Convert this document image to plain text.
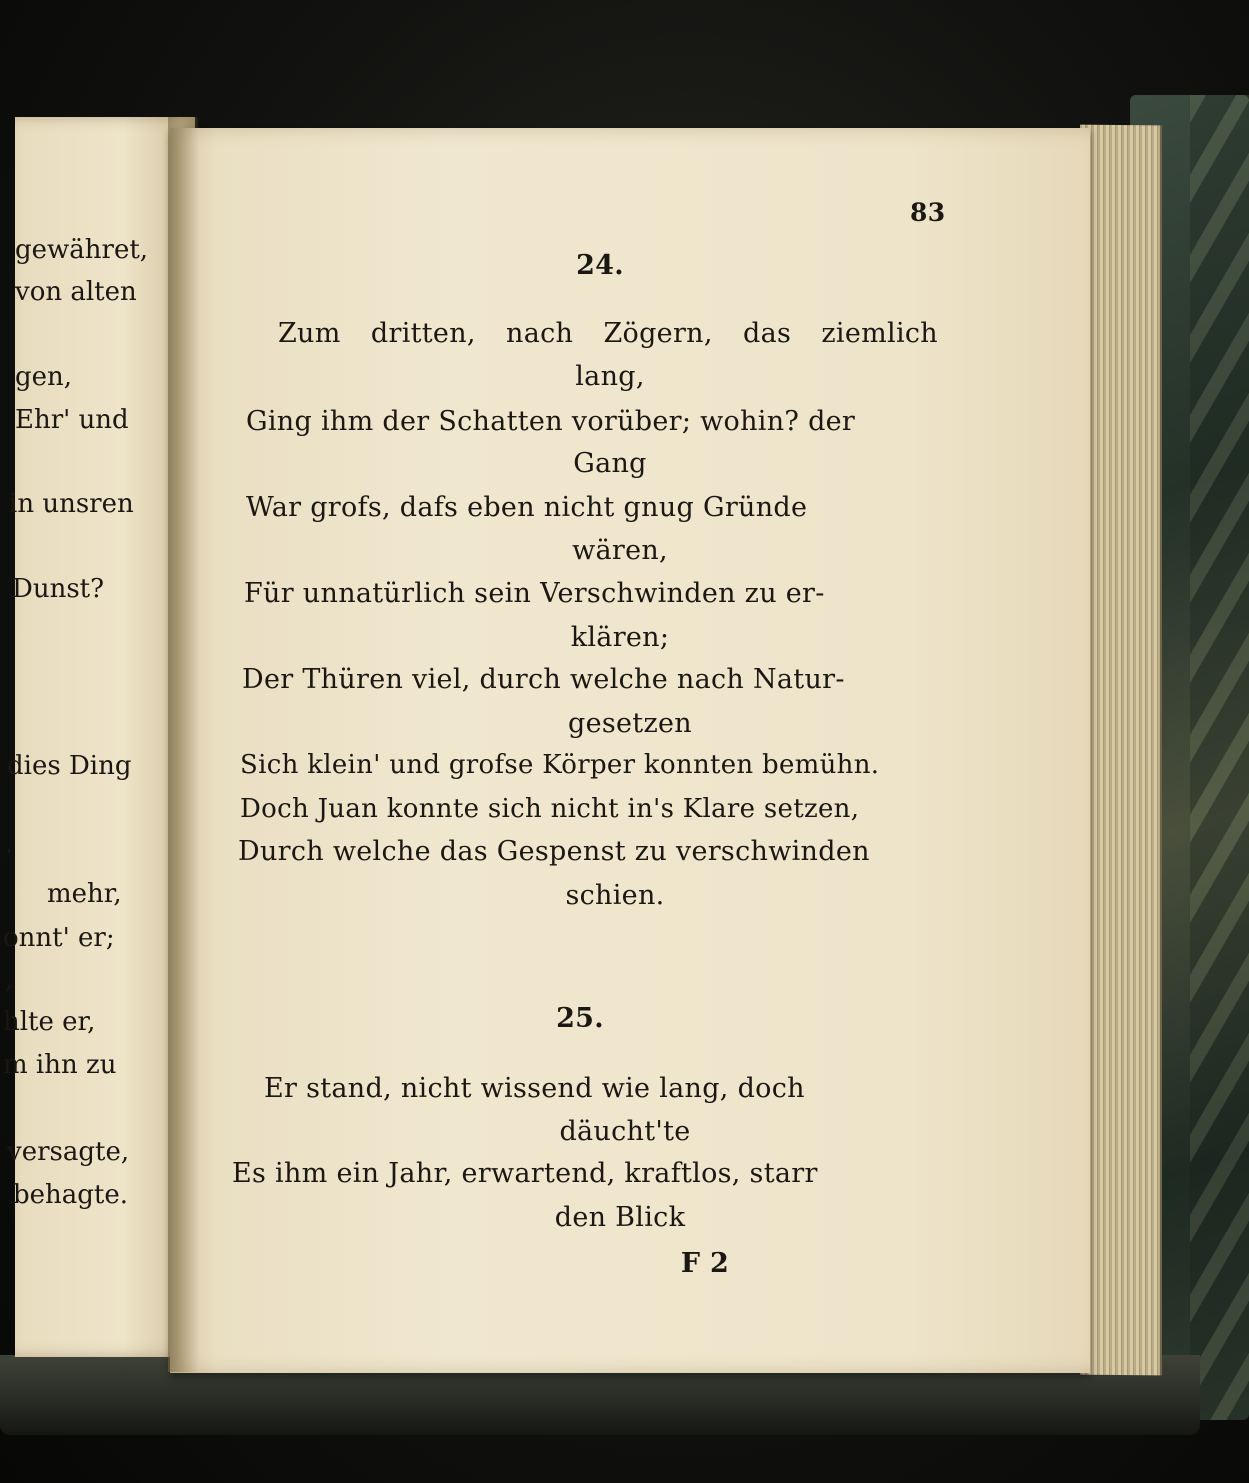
gewähret,
von alten
gen,
Ehr' und
in unsren
Dunst?
dies Ding
.
mehr,
onnt' er;
,
hlte er,
m ihn zu
versagte,
behagte.
83
24.
Zum dritten, nach Zögern, das ziemlich
lang,
Ging ihm der Schatten vorüber; wohin? der
Gang
War grofs, dafs eben nicht gnug Gründe
wären,
Für unnatürlich sein Verschwinden zu er-
klären;
Der Thüren viel, durch welche nach Natur-
gesetzen
Sich klein' und grofse Körper konnten bemühn.
Doch Juan konnte sich nicht in's Klare setzen,
Durch welche das Gespenst zu verschwinden
schien.
25.
Er stand, nicht wissend wie lang, doch
däucht'te
Es ihm ein Jahr, erwartend, kraftlos, starr
den Blick
F 2
